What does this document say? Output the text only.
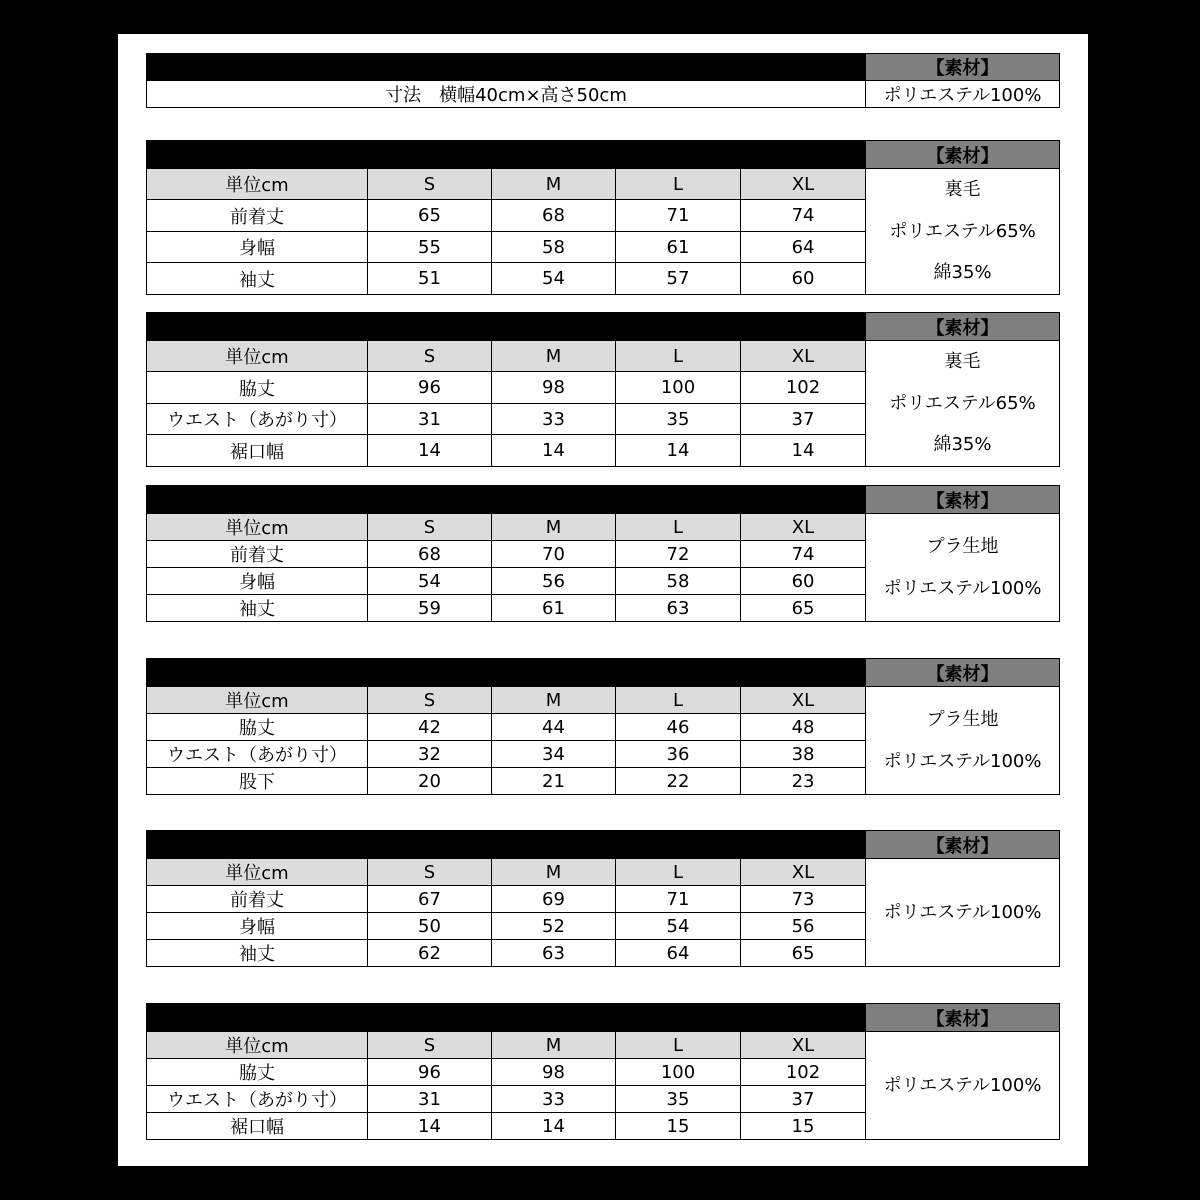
【 ナップサック】	【素材】
寸法　横幅40cm×高さ50cm	ポリエステル100%
【スウェットパーカー】					【素材】
単位cm	S	M	L	XL	裏毛
ポリエステル65%
綿35%

前着丈	65	68	71	74	
身幅	55	58	61	64	
袖丈	51	54	57	60	
【スウェットパンツ】					【素材】
単位cm	S	M	L	XL	裏毛
ポリエステル65%
綿35%

脇丈	96	98	100	102	
ウエスト（あがり寸）	31	33	35	37	
裾口幅	14	14	14	14	
【ロングプラTシャツ】					【素材】
単位cm	S	M	L	XL	プラ生地
ポリエステル100%

前着丈	68	70	72	74	
身幅	54	56	58	60	
袖丈	59	61	63	65	
【プラクティスパンツ】					【素材】
単位cm	S	M	L	XL	プラ生地
ポリエステル100%

脇丈	42	44	46	48	
ウエスト（あがり寸）	32	34	36	38	
股下	20	21	22	23	
【 WPジャージトップス】					【素材】
単位cm	S	M	L	XL	ポリエステル100%

前着丈	67	69	71	73	
身幅	50	52	54	56	
袖丈	62	63	64	65	
【WPジャージパンツ】					【素材】
単位cm	S	M	L	XL	ポリエステル100%

脇丈	96	98	100	102	
ウエスト（あがり寸）	31	33	35	37	
裾口幅	14	14	15	15	
